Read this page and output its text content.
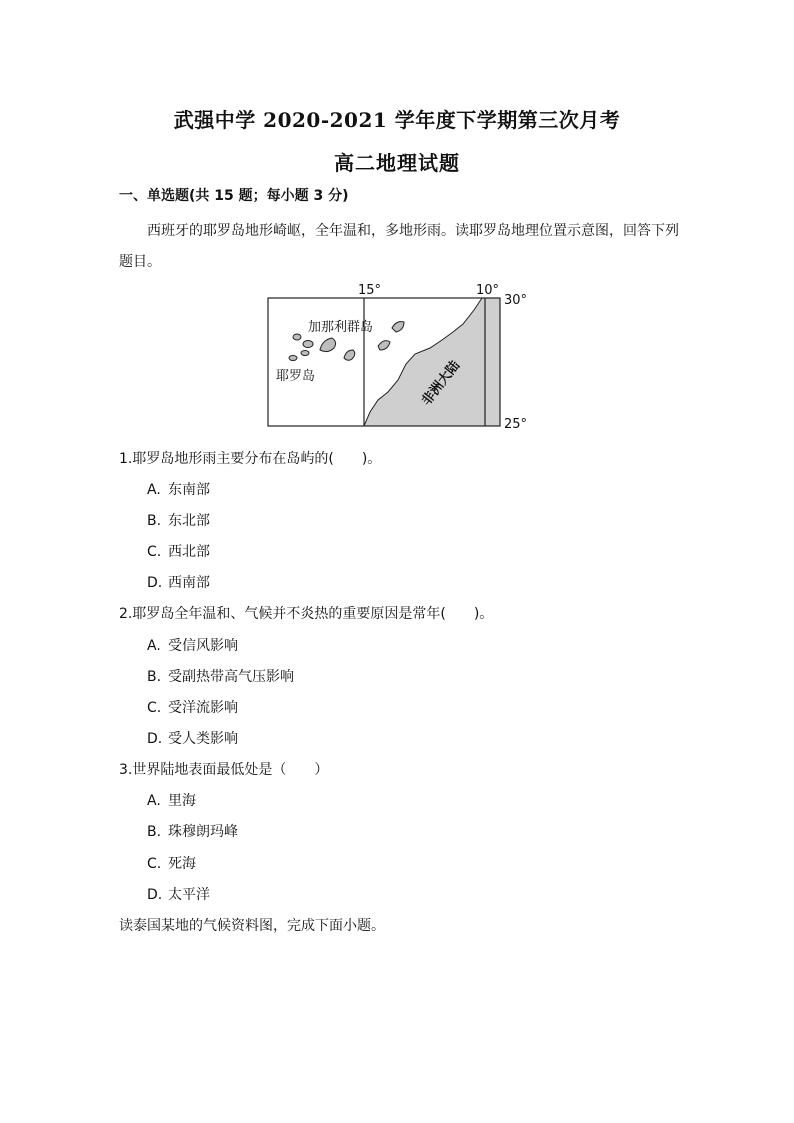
武强中学 2020-2021 学年度下学期第三次月考
高二地理试题
一、单选题(共 15 题；每小题 3 分)
西班牙的耶罗岛地形崎岖，全年温和，多地形雨。读耶罗岛地理位置示意图，回答下列题目。
15°	10°
30°
25°
加那利群岛
耶罗岛	非洲大陆
1.耶罗岛地形雨主要分布在岛屿的( )。
A. 东南部
B. 东北部
C. 西北部
D. 西南部
2.耶罗岛全年温和、气候并不炎热的重要原因是常年( )。
A. 受信风影响
B. 受副热带高气压影响
C. 受洋流影响
D. 受人类影响
3.世界陆地表面最低处是（ ）
A. 里海
B. 珠穆朗玛峰
C. 死海
D. 太平洋
读泰国某地的气候资料图，完成下面小题。
